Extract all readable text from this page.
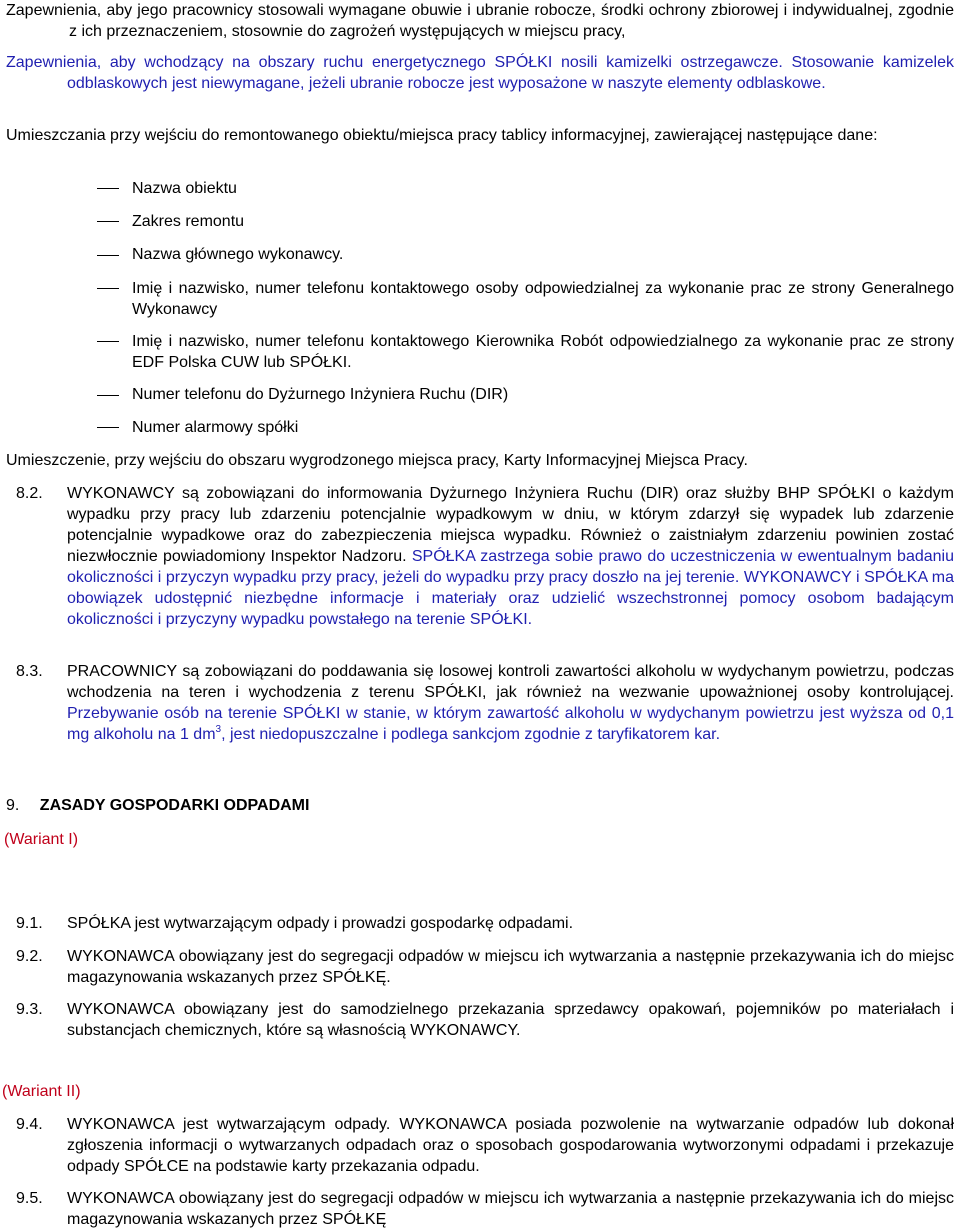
Zapewnienia, aby jego pracownicy stosowali wymagane obuwie i ubranie robocze, środki ochrony zbiorowej i indywidualnej, zgodnie z ich przeznaczeniem, stosownie do zagrożeń występujących w miejscu pracy,

Zapewnienia, aby wchodzący na obszary ruchu energetycznego SPÓŁKI nosili kamizelki ostrzegawcze. Stosowanie kamizelek odblaskowych jest niewymagane, jeżeli ubranie robocze jest wyposażone w naszyte elementy odblaskowe.

Umieszczania przy wejściu do remontowanego obiektu/miejsca pracy tablicy informacyjnej, zawierającej następujące dane:

Nazwa obiektu
Zakres remontu
Nazwa głównego wykonawcy.
Imię i nazwisko, numer telefonu kontaktowego osoby odpowiedzialnej za wykonanie prac ze strony Generalnego Wykonawcy
Imię i nazwisko, numer telefonu kontaktowego Kierownika Robót odpowiedzialnego za wykonanie prac ze strony EDF Polska CUW lub SPÓŁKI.
Numer telefonu do Dyżurnego Inżyniera Ruchu (DIR)
Numer alarmowy spółki

Umieszczenie, przy wejściu do obszaru wygrodzonego miejsca pracy, Karty Informacyjnej Miejsca Pracy.

8.2. WYKONAWCY są zobowiązani do informowania Dyżurnego Inżyniera Ruchu (DIR) oraz służby BHP SPÓŁKI o każdym wypadku przy pracy lub zdarzeniu potencjalnie wypadkowym w dniu, w którym zdarzył się wypadek lub zdarzenie potencjalnie wypadkowe oraz do zabezpieczenia miejsca wypadku. Również o zaistniałym zdarzeniu powinien zostać niezwłocznie powiadomiony Inspektor Nadzoru. SPÓŁKA zastrzega sobie prawo do uczestniczenia w ewentualnym badaniu okoliczności i przyczyn wypadku przy pracy, jeżeli do wypadku przy pracy doszło na jej terenie. WYKONAWCY i SPÓŁKA ma obowiązek udostępnić niezbędne informacje i materiały oraz udzielić wszechstronnej pomocy osobom badającym okoliczności i przyczyny wypadku powstałego na terenie SPÓŁKI.
8.3. PRACOWNICY są zobowiązani do poddawania się losowej kontroli zawartości alkoholu w wydychanym powietrzu, podczas wchodzenia na teren i wychodzenia z terenu SPÓŁKI, jak również na wezwanie upoważnionej osoby kontrolującej. Przebywanie osób na terenie SPÓŁKI w stanie, w którym zawartość alkoholu w wydychanym powietrzu jest wyższa od 0,1 mg alkoholu na 1 $dm^3$, jest niedopuszczalne i podlega sankcjom zgodnie z taryfikatorem kar.
9. ZASADY GOSPODARKI ODPADAMI
(Wariant I)
9.1. SPÓŁKA jest wytwarzającym odpady i prowadzi gospodarkę odpadami.
9.2. WYKONAWCA obowiązany jest do segregacji odpadów w miejscu ich wytwarzania a następnie przekazywania ich do miejsc magazynowania wskazanych przez SPÓŁKĘ.
9.3. WYKONAWCA obowiązany jest do samodzielnego przekazania sprzedawcy opakowań, pojemników po materiałach i substancjach chemicznych, które są własnością WYKONAWCY.
(Wariant II)
9.4. WYKONAWCA jest wytwarzającym odpady. WYKONAWCA posiada pozwolenie na wytwarzanie odpadów lub dokonał zgłoszenia informacji o wytwarzanych odpadach oraz o sposobach gospodarowania wytworzonymi odpadami i przekazuje odpady SPÓŁCE na podstawie karty przekazania odpadu.
9.5. WYKONAWCA obowiązany jest do segregacji odpadów w miejscu ich wytwarzania a następnie przekazywania ich do miejsc magazynowania wskazanych przez SPÓŁKĘ
